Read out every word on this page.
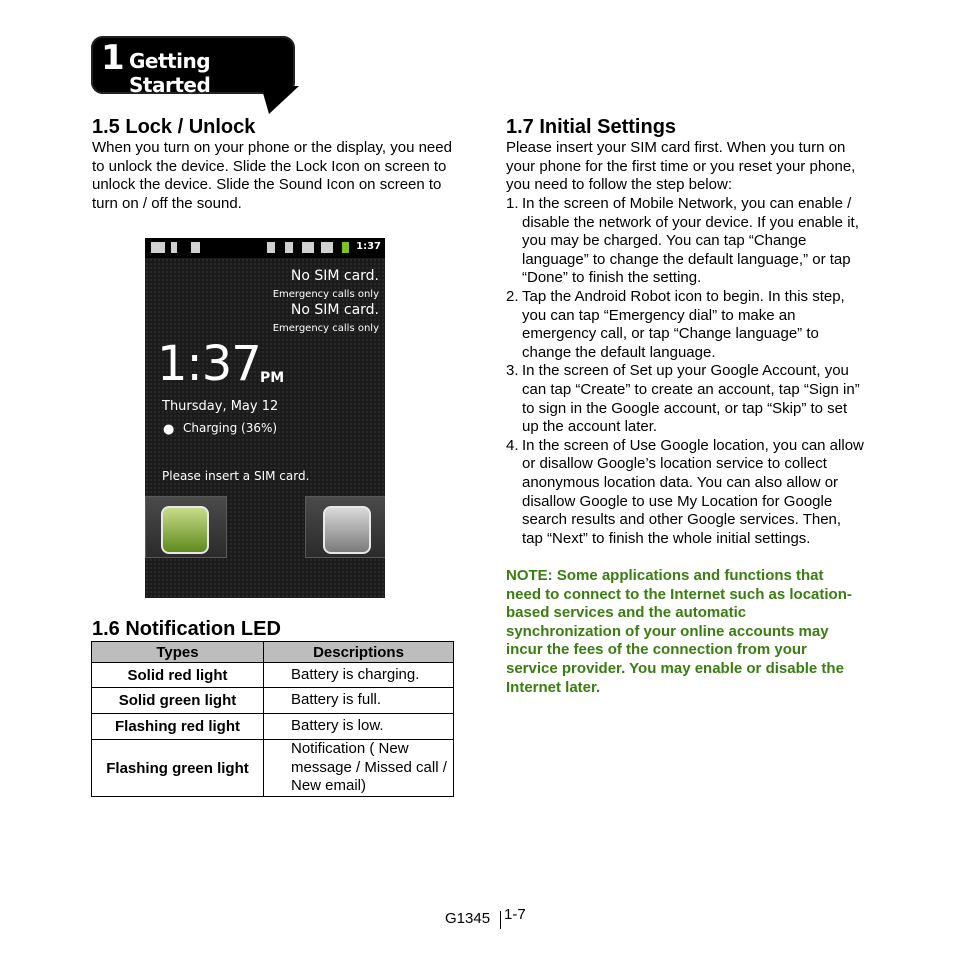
1 Getting Started
1.5 Lock / Unlock

When you turn on your phone or the display, you need to unlock the device. Slide the Lock Icon on screen to unlock the device. Slide the Sound Icon on screen to turn on / off the sound.

1:37
No SIM card.
Emergency calls only
No SIM card.
Emergency calls only
1:37 PM
Thursday, May 12
● Charging (36%)
Please insert a SIM card.
1.6 Notification LED
Types	Descriptions
Solid red light	Battery is charging.
Solid green light	Battery is full.
Flashing red light	Battery is low.
Flashing green light	Notification ( New message / Missed call / New email)
1.7 Initial Settings

Please insert your SIM card first. When you turn on your phone for the first time or you reset your phone, you need to follow the step below:

1. In the screen of Mobile Network, you can enable / disable the network of your device. If you enable it, you may be charged. You can tap “Change language” to change the default language,” or tap “Done” to finish the setting.
2. Tap the Android Robot icon to begin. In this step, you can tap “Emergency dial” to make an emergency call, or tap “Change language” to change the default language.
3. In the screen of Set up your Google Account, you can tap “Create” to create an account, tap “Sign in” to sign in the Google account, or tap “Skip” to set up the account later.
4. In the screen of Use Google location, you can allow or disallow Google’s location service to collect anonymous location data. You can also allow or disallow Google to use My Location for Google search results and other Google services. Then, tap “Next” to finish the whole initial settings.

NOTE: Some applications and functions that need to connect to the Internet such as location-based services and the automatic synchronization of your online accounts may incur the fees of the connection from your service provider. You may enable or disable the Internet later.

G1345 1-7
